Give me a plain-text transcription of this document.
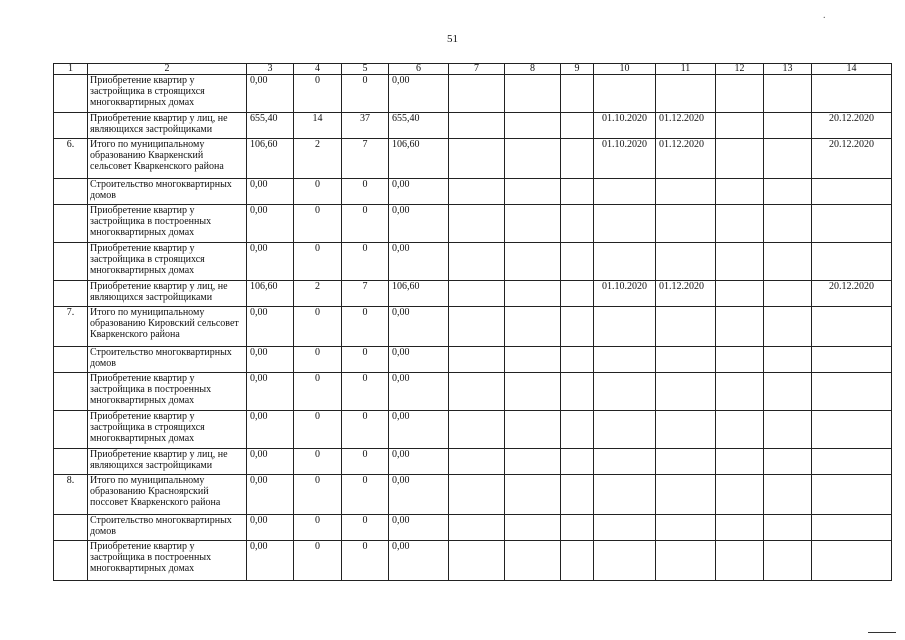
51
.
1	2	3	4	5	6	7	8	9	10	11	12	13	14
	Приобретение квартир у застройщика в строящихся многоквартирных домах	0,00	0	0	0,00								
	Приобретение квартир у лиц, не являющихся застройщиками	655,40	14	37	655,40				01.10.2020	01.12.2020			20.12.2020
6.	Итого по муниципальному образованию Кваркенский сельсовет Кваркенского района	106,60	2	7	106,60				01.10.2020	01.12.2020			20.12.2020
	Строительство многоквартирных домов	0,00	0	0	0,00								
	Приобретение квартир у застройщика в построенных многоквартирных домах	0,00	0	0	0,00								
	Приобретение квартир у застройщика в строящихся многоквартирных домах	0,00	0	0	0,00								
	Приобретение квартир у лиц, не являющихся застройщиками	106,60	2	7	106,60				01.10.2020	01.12.2020			20.12.2020
7.	Итого по муниципальному образованию Кировский сельсовет Кваркенского района	0,00	0	0	0,00								
	Строительство многоквартирных домов	0,00	0	0	0,00								
	Приобретение квартир у застройщика в построенных многоквартирных домах	0,00	0	0	0,00								
	Приобретение квартир у застройщика в строящихся многоквартирных домах	0,00	0	0	0,00								
	Приобретение квартир у лиц, не являющихся застройщиками	0,00	0	0	0,00								
8.	Итого по муниципальному образованию Краснoярский поссовет Кваркенского района	0,00	0	0	0,00								
	Строительство многоквартирных домов	0,00	0	0	0,00								
	Приобретение квартир у застройщика в построенных многоквартирных домах	0,00	0	0	0,00								
